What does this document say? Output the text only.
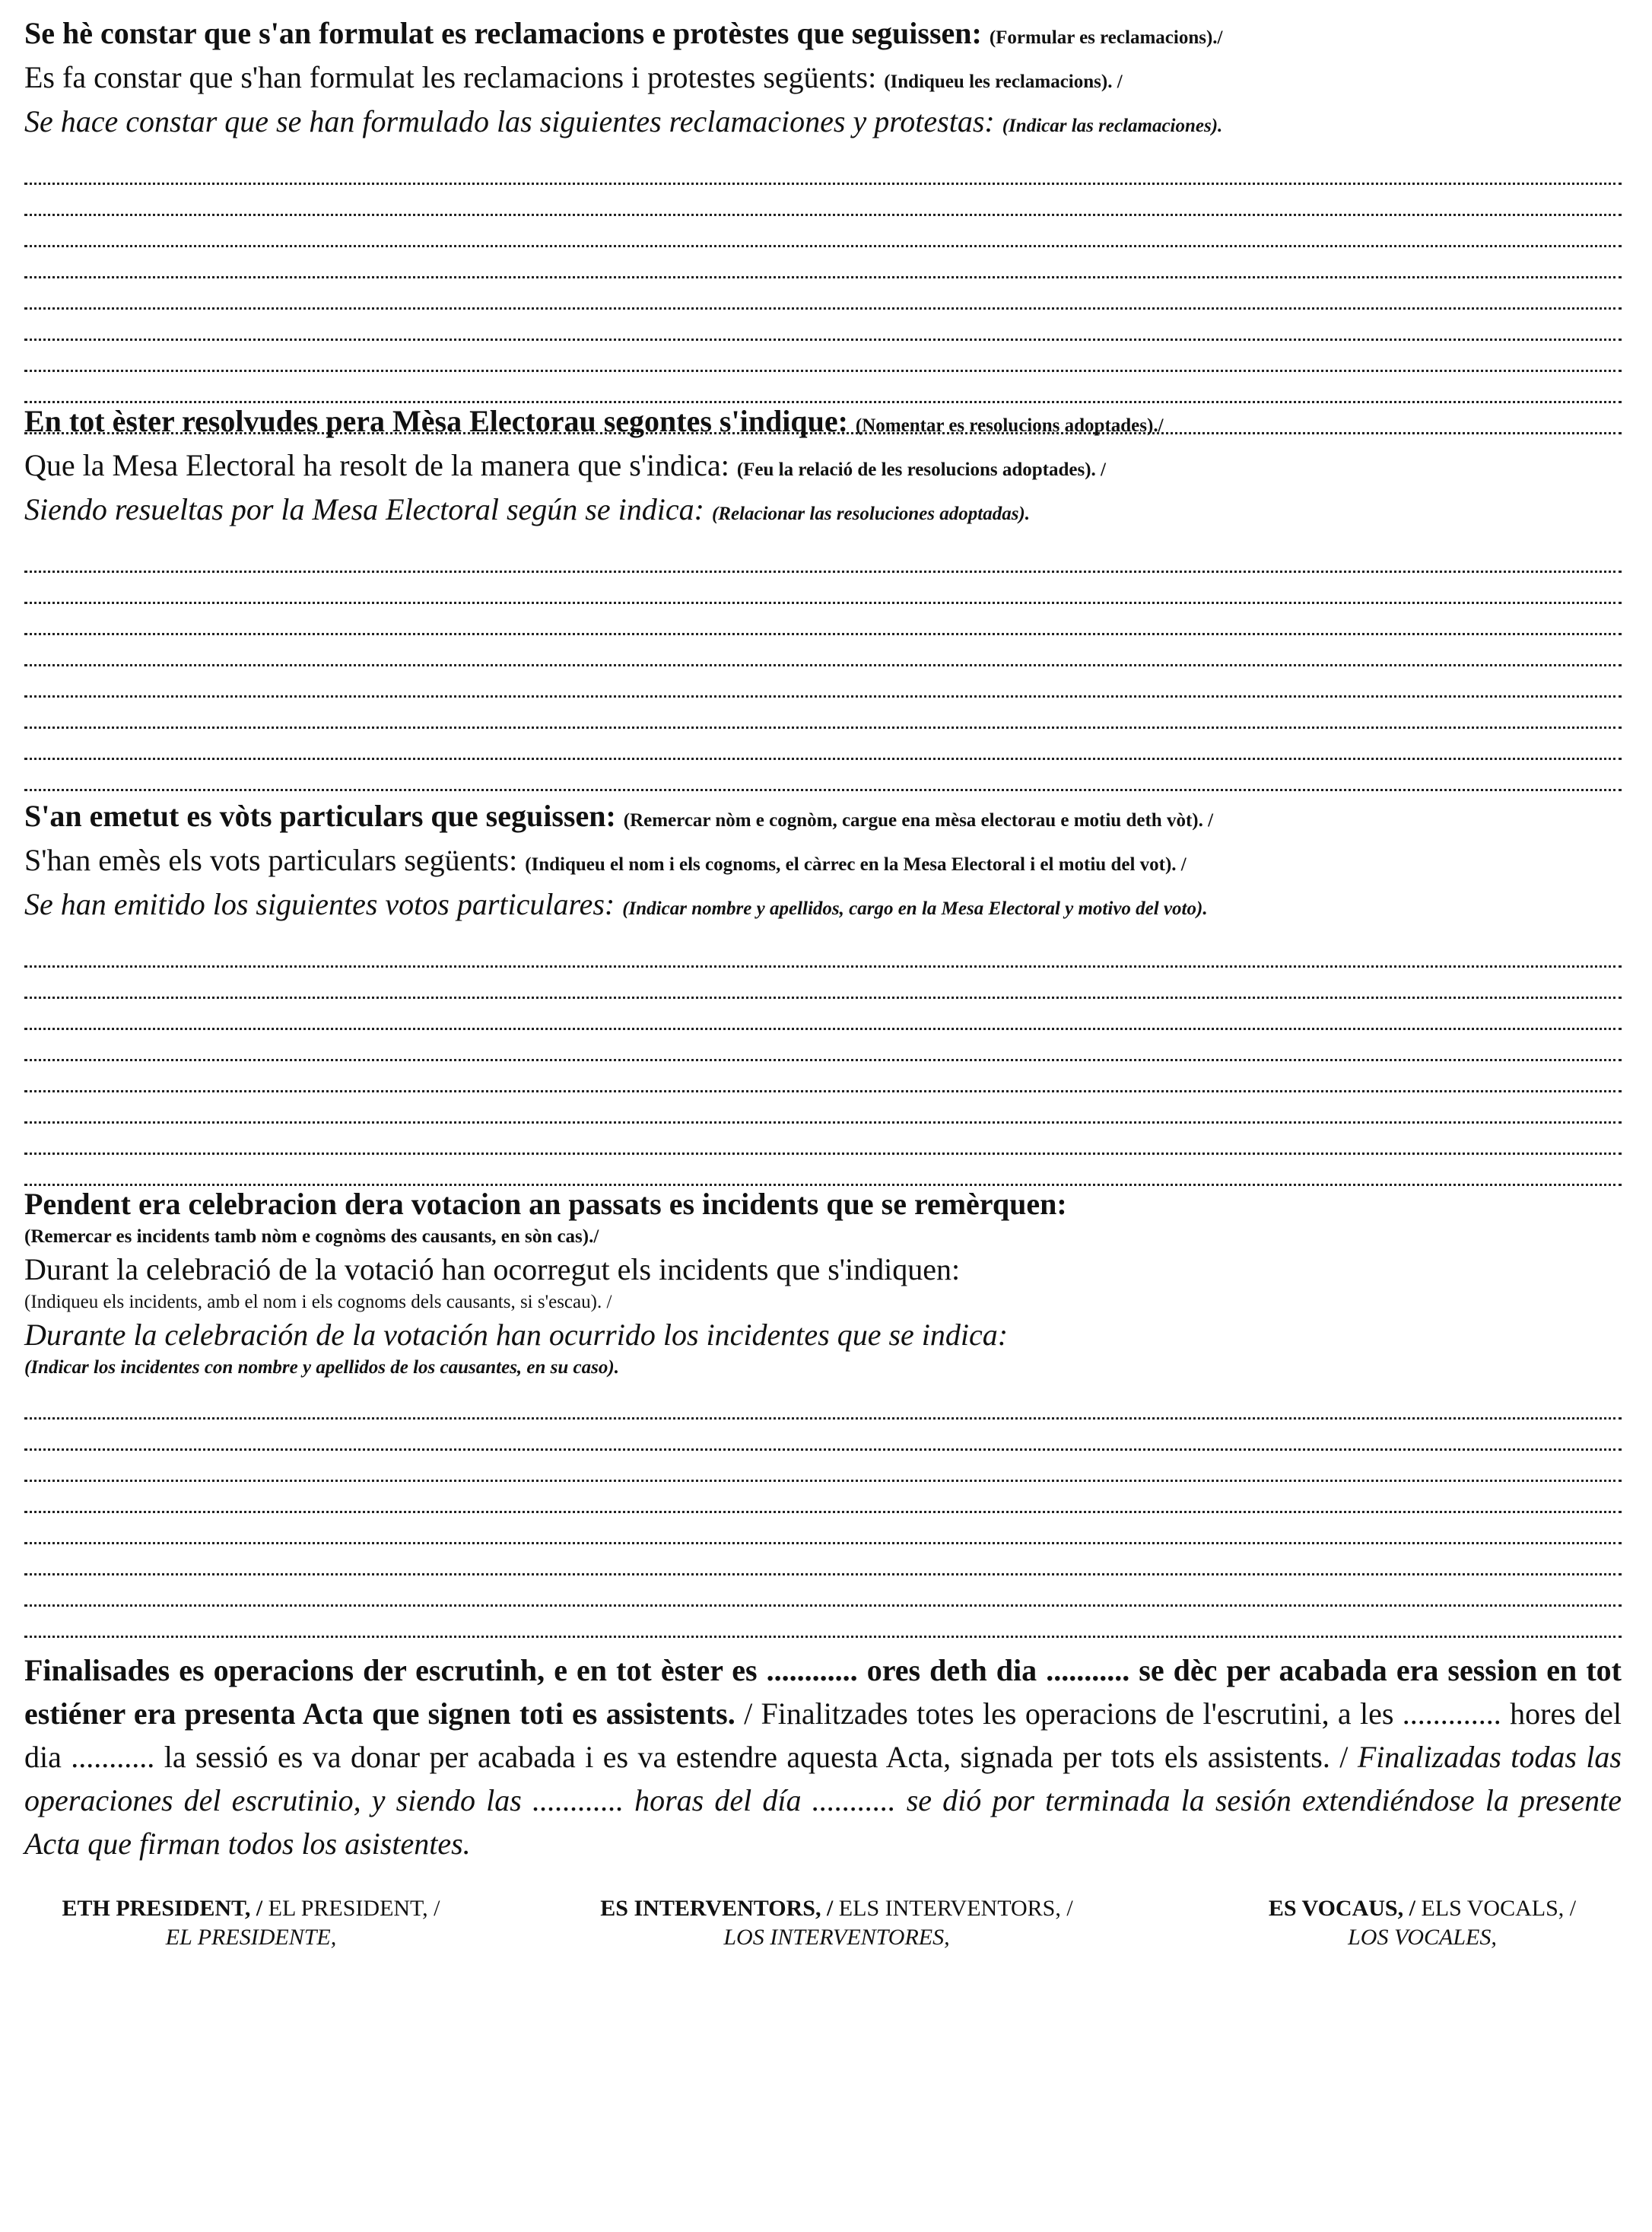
Se hè constar que s'an formulat es reclamacions e protèstes que seguissen: (Formular es reclamacions)./
Es fa constar que s'han formulat les reclamacions i protestes següents: (Indiqueu les reclamacions). /
Se hace constar que se han formulado las siguientes reclamaciones y protestas: (Indicar las reclamaciones).
En tot èster resolvudes pera Mèsa Electorau segontes s'indique: (Nomentar es resolucions adoptades)./
Que la Mesa Electoral ha resolt de la manera que s'indica: (Feu la relació de les resolucions adoptades). /
Siendo resueltas por la Mesa Electoral según se indica: (Relacionar las resoluciones adoptadas).
S'an emetut es vòts particulars que seguissen: (Remercar nòm e cognòm, cargue ena mèsa electorau e motiu deth vòt). /
S'han emès els vots particulars següents: (Indiqueu el nom i els cognoms, el càrrec en la Mesa Electoral i el motiu del vot). /
Se han emitido los siguientes votos particulares: (Indicar nombre y apellidos, cargo en la Mesa Electoral y motivo del voto).
Pendent era celebracion dera votacion an passats es incidents que se remèrquen:
(Remercar es incidents tamb nòm e cognòms des causants, en sòn cas)./
Durant la celebració de la votació han ocorregut els incidents que s'indiquen:
(Indiqueu els incidents, amb el nom i els cognoms dels causants, si s'escau). /
Durante la celebración de la votación han ocurrido los incidentes que se indica:
(Indicar los incidentes con nombre y apellidos de los causantes, en su caso).
Finalisades es operacions der escrutinh, e en tot èster es ............ ores deth dia ........... se dèc per acabada era session en tot estiéner era presenta Acta que signen toti es assistents. / Finalitzades totes les operacions de l'escrutini, a les ............. hores del dia ........... la sessió es va donar per acabada i es va estendre aquesta Acta, signada per tots els assistents. / Finalizadas todas las operaciones del escrutinio, y siendo las ............ horas del día ........... se dió por terminada la sesión extendiéndose la presente Acta que firman todos los asistentes.
ETH PRESIDENT, / EL PRESIDENT, /
EL PRESIDENTE,
ES INTERVENTORS, / ELS INTERVENTORS, /
LOS INTERVENTORES,
ES VOCAUS, / ELS VOCALS, /
LOS VOCALES,
